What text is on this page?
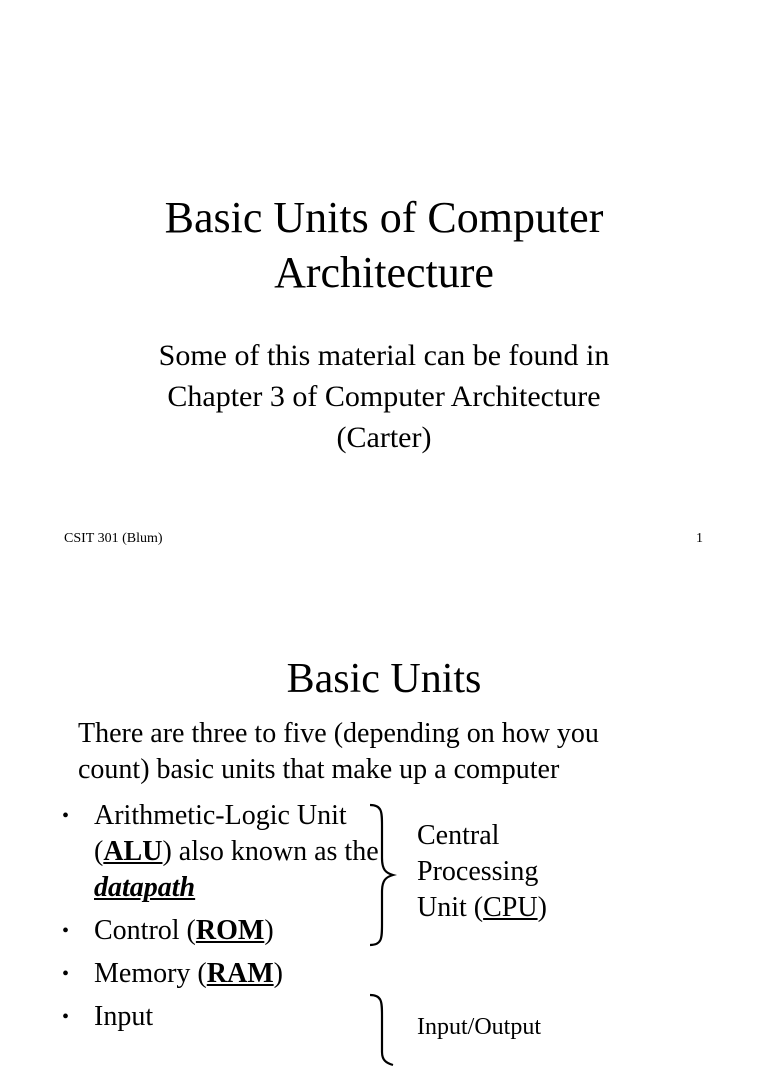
Basic Units of Computer
Architecture
Some of this material can be found in
Chapter 3 of Computer Architecture
(Carter)
CSIT 301 (Blum)	1
Basic Units
There are three to five (depending on how you
count) basic units that make up a computer
• Arithmetic-Logic Unit (ALU) also known as the datapath
• Control (ROM)
• Memory (RAM)
• Input
Central
Processing
Unit (CPU)
Input/Output
